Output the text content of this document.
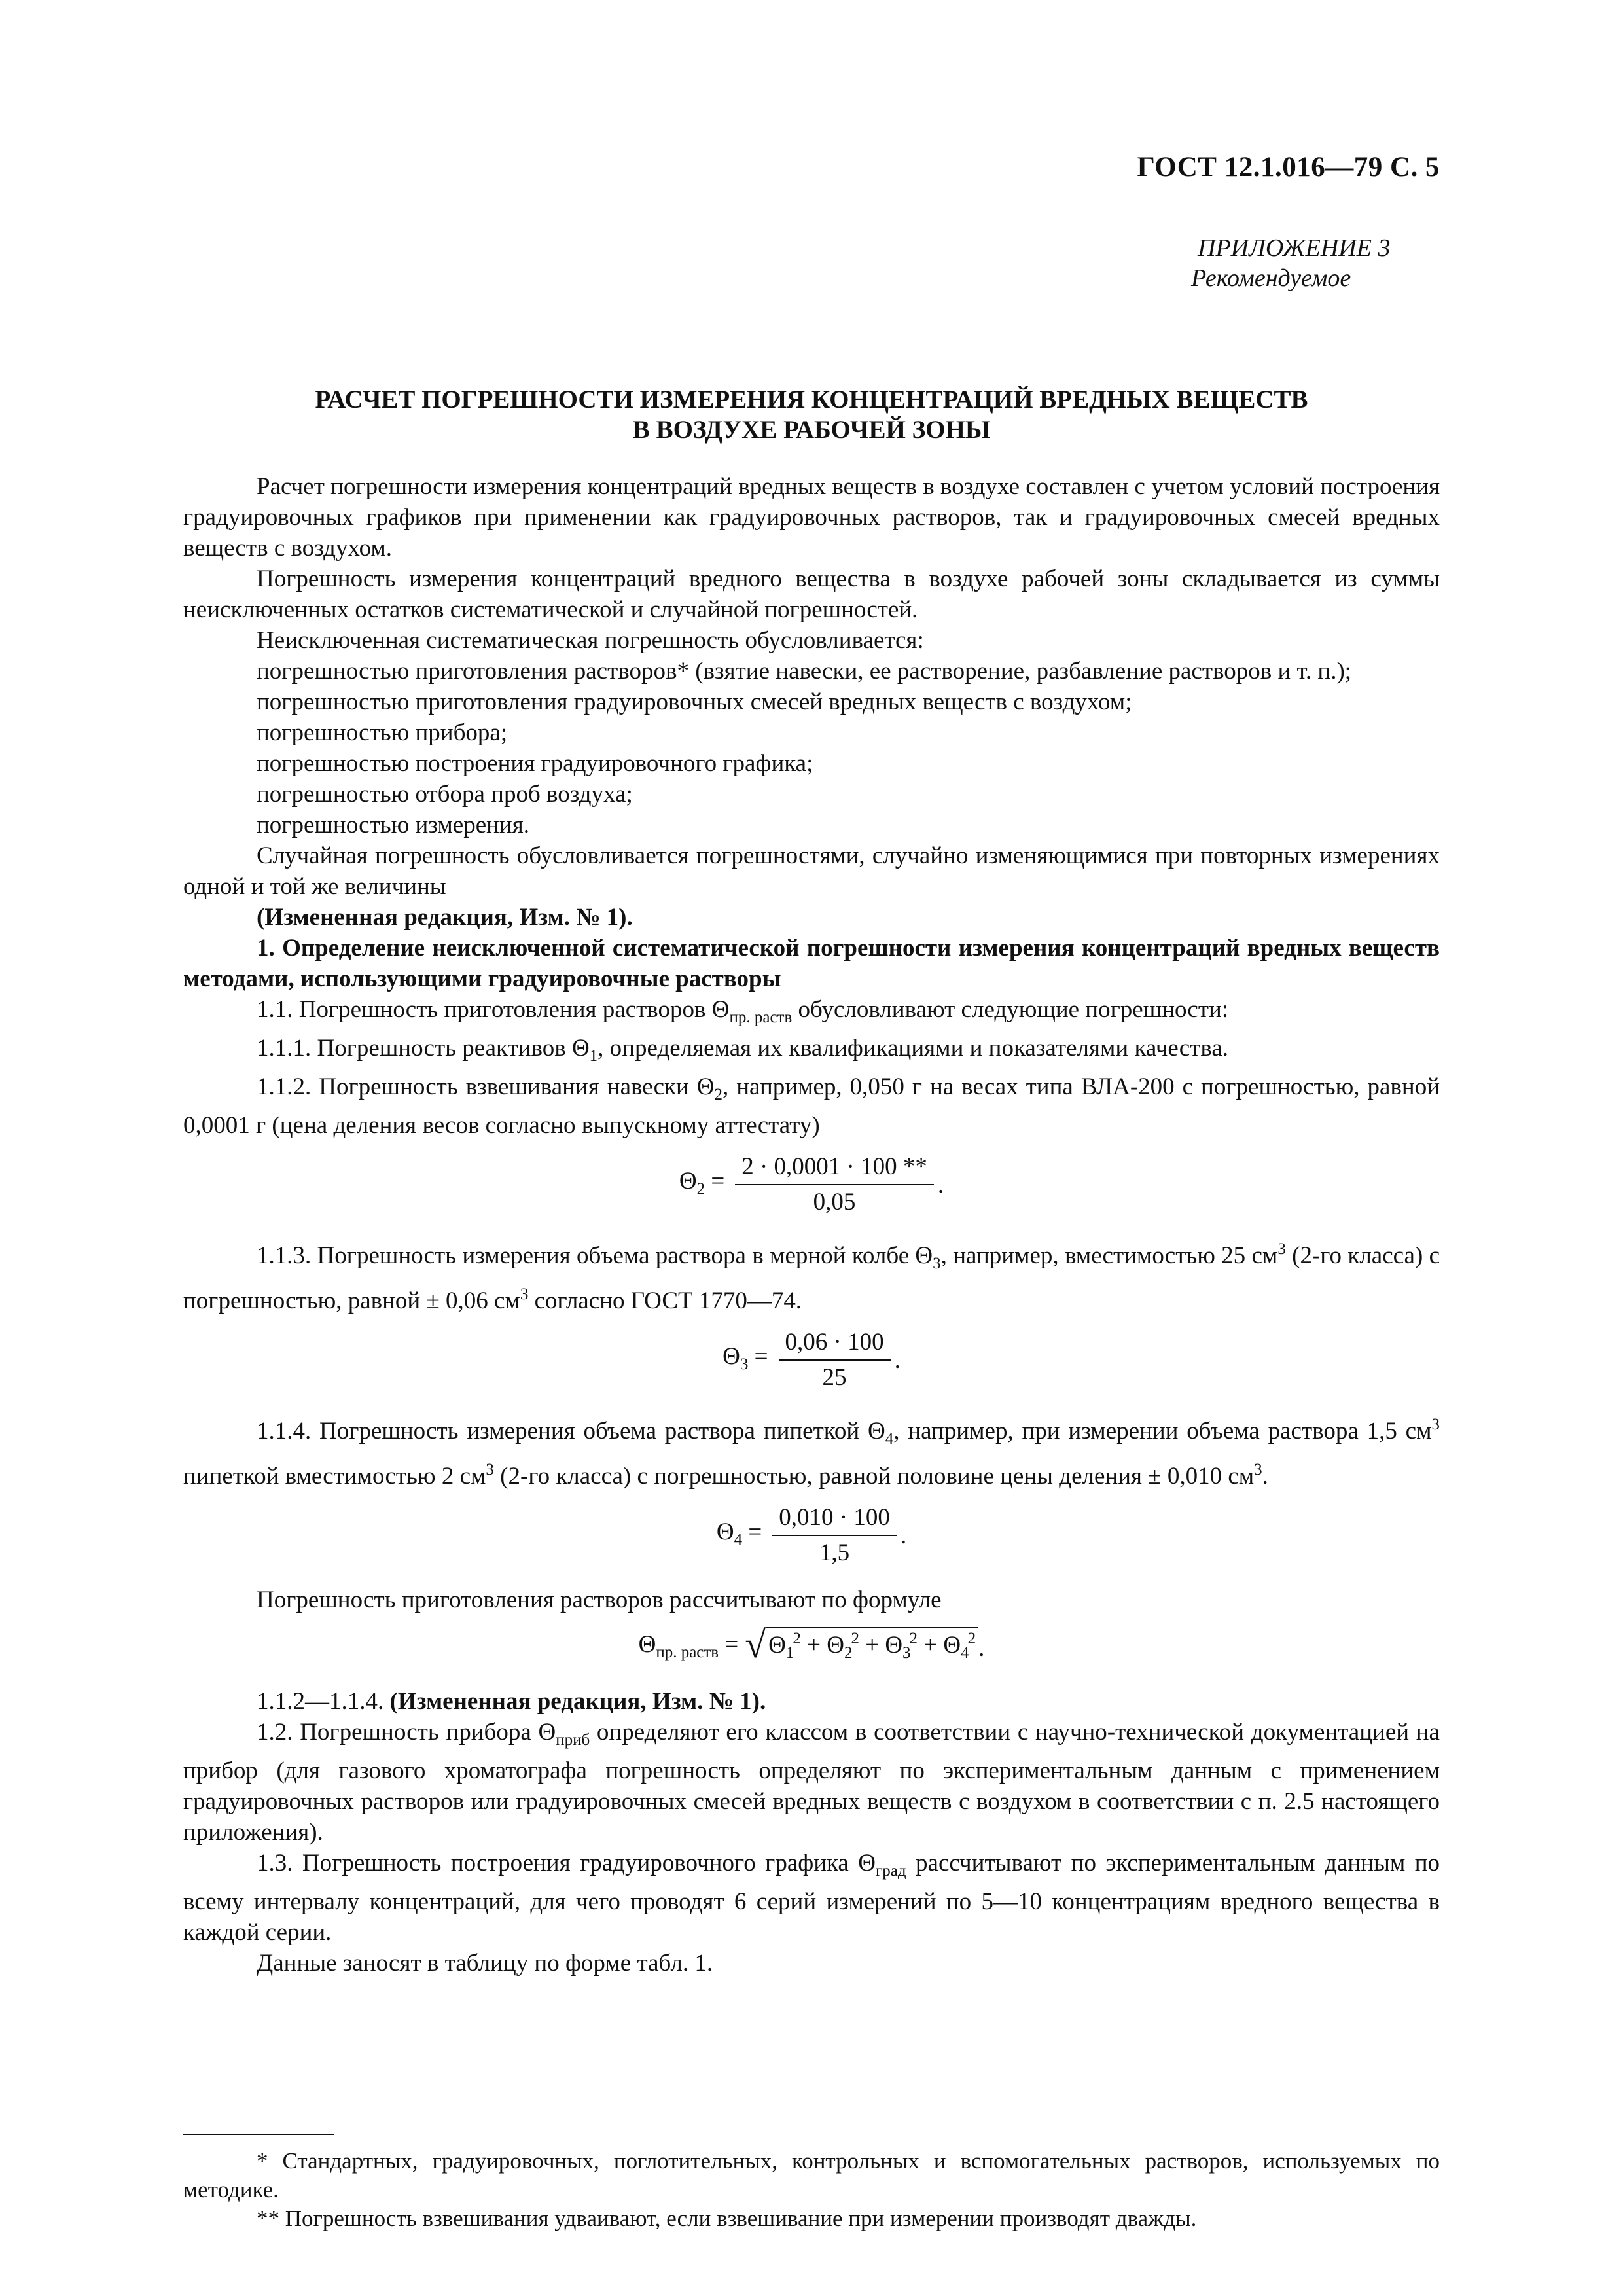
ГОСТ 12.1.016—79 С. 5
ПРИЛОЖЕНИЕ 3
Рекомендуемое
РАСЧЕТ ПОГРЕШНОСТИ ИЗМЕРЕНИЯ КОНЦЕНТРАЦИЙ ВРЕДНЫХ ВЕЩЕСТВ
В ВОЗДУХЕ РАБОЧЕЙ ЗОНЫ

Расчет погрешности измерения концентраций вредных веществ в воздухе составлен с учетом условий построения градуировочных графиков при применении как градуировочных растворов, так и градуировочных смесей вредных веществ с воздухом.

Погрешность измерения концентраций вредного вещества в воздухе рабочей зоны складывается из суммы неисключенных остатков систематической и случайной погрешностей.

Неисключенная систематическая погрешность обусловливается:

погрешностью приготовления растворов* (взятие навески, ее растворение, разбавление растворов и т. п.);

погрешностью приготовления градуировочных смесей вредных веществ с воздухом;

погрешностью прибора;

погрешностью построения градуировочного графика;

погрешностью отбора проб воздуха;

погрешностью измерения.

Случайная погрешность обусловливается погрешностями, случайно изменяющимися при повторных измерениях одной и той же величины

(Измененная редакция, Изм. № 1).

1. Определение неисключенной систематической погрешности измерения концентраций вредных веществ методами, использующими градуировочные растворы

1.1. Погрешность приготовления растворов $\Theta_{пр. раств}$ обусловливают следующие погрешности:

1.1.1. Погрешность реактивов $\Theta_1$, определяемая их квалификациями и показателями качества.

1.1.2. Погрешность взвешивания навески $\Theta_2$, например, 0,050 г на весах типа ВЛА-200 с погрешностью, равной 0,0001 г (цена деления весов согласно выпускному аттестату)

$\Theta_2 = \frac{2 \cdot 0,0001 \cdot 100 **}{0,05}$ .

1.1.3. Погрешность измерения объема раствора в мерной колбе $\Theta_3$, например, вместимостью 25 $см^3$ (2-го класса) с погрешностью, равной ± 0,06 $см^3$ согласно ГОСТ 1770—74.

$\Theta_3 = \frac{0,06 \cdot 100}{25}$ .

1.1.4. Погрешность измерения объема раствора пипеткой $\Theta_4$, например, при измерении объема раствора 1,5 $см^3$ пипеткой вместимостью 2 $см^3$ (2-го класса) с погрешностью, равной половине цены деления ± 0,010 $см^3$.

$\Theta_4 = \frac{0,010 \cdot 100}{1,5}$ .

Погрешность приготовления растворов рассчитывают по формуле

$\Theta_{пр. раств}$ = √ $\Theta_1^2 + \Theta_2^2 + \Theta_3^2 + \Theta_4^2$ .

1.1.2—1.1.4. (Измененная редакция, Изм. № 1).

1.2. Погрешность прибора $\Theta_{приб}$ определяют его классом в соответствии с научно-технической документацией на прибор (для газового хроматографа погрешность определяют по экспериментальным данным с применением градуировочных растворов или градуировочных смесей вредных веществ с воздухом в соответствии с п. 2.5 настоящего приложения).

1.3. Погрешность построения градуировочного графика $\Theta_{град}$ рассчитывают по экспериментальным данным по всему интервалу концентраций, для чего проводят 6 серий измерений по 5—10 концентрациям вредного вещества в каждой серии.

Данные заносят в таблицу по форме табл. 1.

* Стандартных, градуировочных, поглотительных, контрольных и вспомогательных растворов, используемых по методике.

** Погрешность взвешивания удваивают, если взвешивание при измерении производят дважды.
